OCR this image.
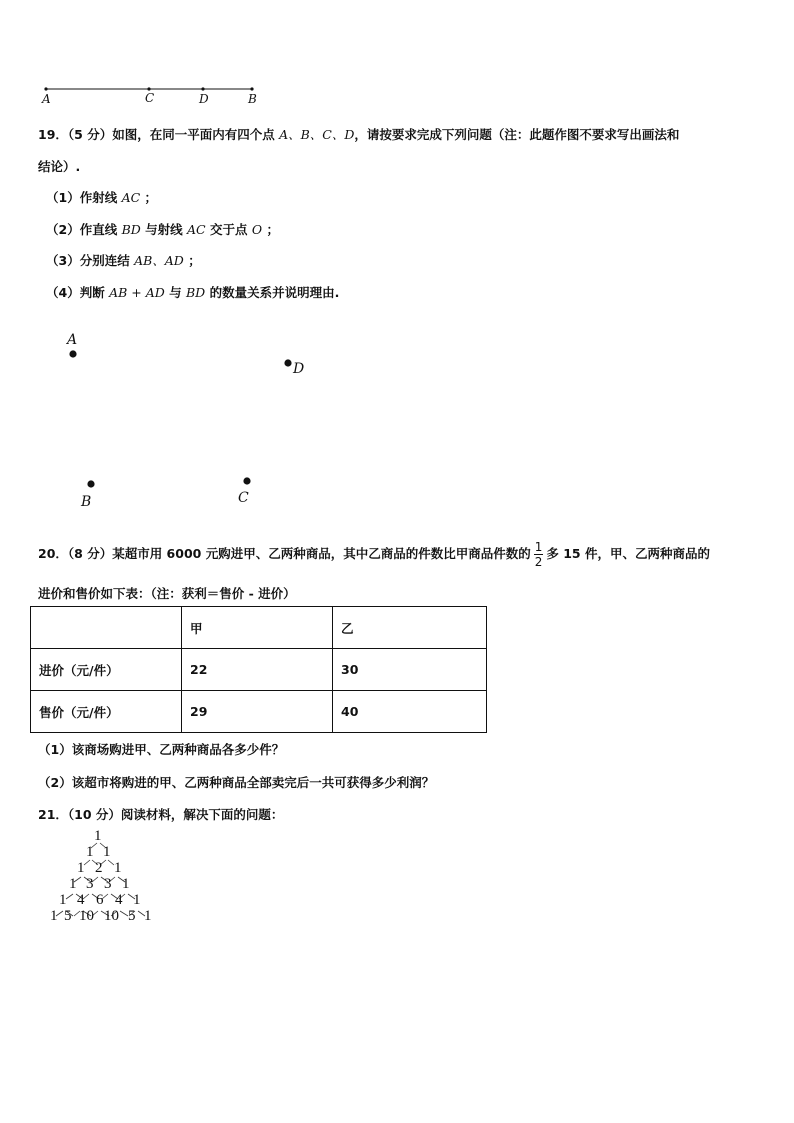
A	C	D	B
19．（5 分）如图，在同一平面内有四个点 A、B、C、D，请按要求完成下列问题（注：此题作图不要求写出画法和
结论）.
（1）作射线 AC ；
（2）作直线 BD 与射线 AC 交于点 O ；
（3）分别连结 AB、AD ；
（4）判断 AB + AD 与 BD 的数量关系并说明理由.
A
D
B	C
20．（8 分）某超市用 6000 元购进甲、乙两种商品，其中乙商品的件数比甲商品件数的 $\frac{1}{2}$ 多 15 件，甲、乙两种商品的
进价和售价如下表：（注：获利＝售价 - 进价）
	甲	乙
进价（元/件）	22	30
售价（元/件）	29	40
（1）该商场购进甲、乙两种商品各多少件？
（2）该超市将购进的甲、乙两种商品全部卖完后一共可获得多少利润？
21．（10 分）阅读材料，解决下面的问题：
1
1 1
1 2 1
1 3 3 1
1 4 6 4 1
1 5 10 10 5 1
